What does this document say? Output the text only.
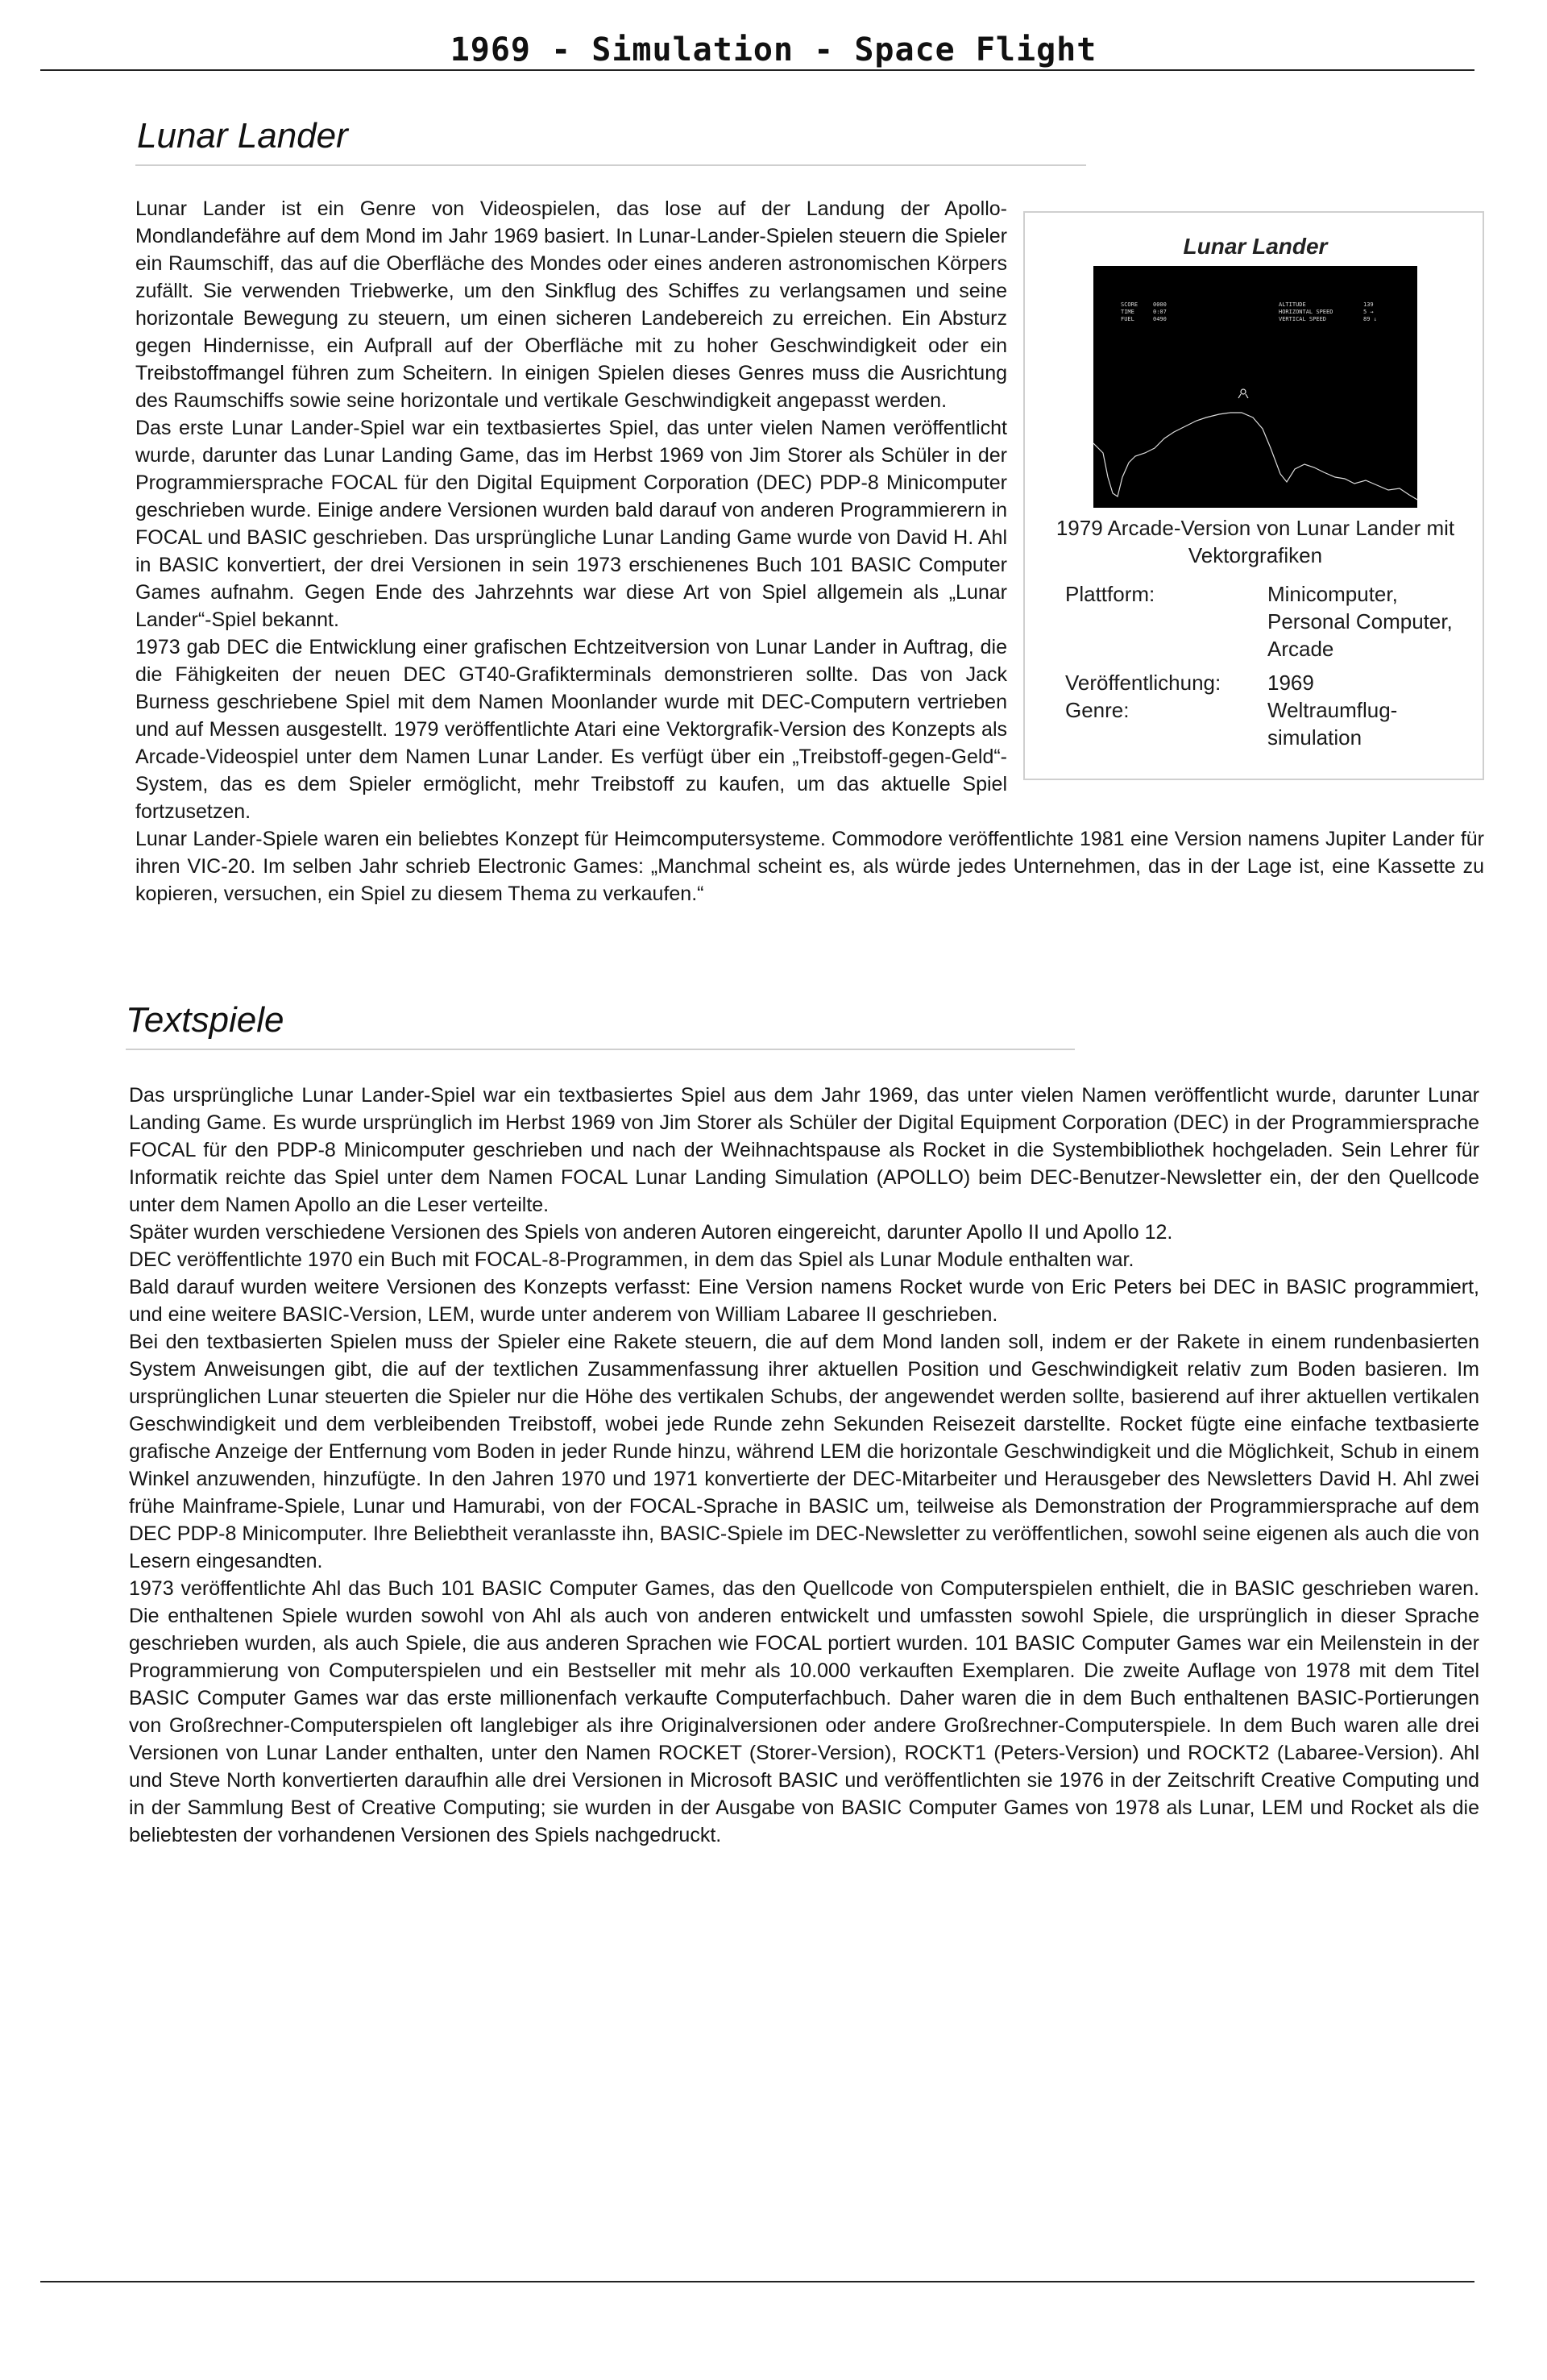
1969 - Simulation - Space Flight
Lunar Lander

Lunar Lander ist ein Genre von Videospielen, das lose auf der Landung der Apollo-Mondlandefähre auf dem Mond im Jahr 1969 basiert. In Lunar-Lander-Spielen steuern die Spieler ein Raumschiff, das auf die Oberfläche des Mondes oder eines anderen astronomischen Körpers zufällt. Sie verwenden Triebwerke, um den Sinkflug des Schiffes zu verlangsamen und seine horizontale Bewegung zu steuern, um einen sicheren Landebereich zu erreichen. Ein Absturz gegen Hindernisse, ein Aufprall auf der Oberfläche mit zu hoher Geschwindigkeit oder ein Treibstoffmangel führen zum Scheitern. In einigen Spielen dieses Genres muss die Ausrichtung des Raumschiffs sowie seine horizontale und vertikale Geschwindigkeit angepasst werden.

Das erste Lunar Lander-Spiel war ein textbasiertes Spiel, das unter vielen Namen veröffentlicht wurde, darunter das Lunar Landing Game, das im Herbst 1969 von Jim Storer als Schüler in der Programmiersprache FOCAL für den Digital Equipment Corporation (DEC) PDP-8 Minicomputer geschrieben wurde. Einige andere Versionen wurden bald darauf von anderen Programmierern in FOCAL und BASIC geschrieben. Das ursprüngliche Lunar Landing Game wurde von David H. Ahl in BASIC konvertiert, der drei Versionen in sein 1973 erschienenes Buch 101 BASIC Computer Games aufnahm. Gegen Ende des Jahrzehnts war diese Art von Spiel allgemein als „Lunar Lander“-Spiel bekannt.

1973 gab DEC die Entwicklung einer grafischen Echtzeitversion von Lunar Lander in Auftrag, die die Fähigkeiten der neuen DEC GT40-Grafikterminals demonstrieren sollte. Das von Jack Burness geschriebene Spiel mit dem Namen Moonlander wurde mit DEC-Computern vertrieben und auf Messen ausgestellt. 1979 veröffentlichte Atari eine Vektorgrafik-Version des Konzepts als Arcade-Videospiel unter dem Namen Lunar Lander. Es verfügt über ein „Treibstoff-gegen-Geld“-System, das es dem Spieler ermöglicht, mehr Treibstoff zu kaufen, um das aktuelle Spiel fortzusetzen.

Lunar Lander-Spiele waren ein beliebtes Konzept für Heimcomputersysteme. Commodore veröffentlichte 1981 eine Version namens Jupiter Lander für ihren VIC-20. Im selben Jahr schrieb Electronic Games: „Manchmal scheint es, als würde jedes Unternehmen, das in der Lage ist, eine Kassette zu kopieren, versuchen, ein Spiel zu diesem Thema zu verkaufen.“

Lunar Lander
SCORE
TIME
FUEL
0000
0:07
0490
ALTITUDE
HORIZONTAL SPEED
VERTICAL SPEED
139
5 →
89 ↓
1979 Arcade-Version von Lunar Lander mit Vektorgrafiken
Plattform:	Minicomputer, Personal Computer, Arcade
Veröffentlichung:	1969
Genre:	Weltraumflug-simulation
Textspiele

Das ursprüngliche Lunar Lander-Spiel war ein textbasiertes Spiel aus dem Jahr 1969, das unter vielen Namen veröffentlicht wurde, darunter Lunar Landing Game. Es wurde ursprünglich im Herbst 1969 von Jim Storer als Schüler der Digital Equipment Corporation (DEC) in der Programmiersprache FOCAL für den PDP-8 Minicomputer geschrieben und nach der Weihnachtspause als Rocket in die Systembibliothek hochgeladen. Sein Lehrer für Informatik reichte das Spiel unter dem Namen FOCAL Lunar Landing Simulation (APOLLO) beim DEC-Benutzer-Newsletter ein, der den Quellcode unter dem Namen Apollo an die Leser verteilte.

Später wurden verschiedene Versionen des Spiels von anderen Autoren eingereicht, darunter Apollo II und Apollo 12.

DEC veröffentlichte 1970 ein Buch mit FOCAL-8-Programmen, in dem das Spiel als Lunar Module enthalten war.

Bald darauf wurden weitere Versionen des Konzepts verfasst: Eine Version namens Rocket wurde von Eric Peters bei DEC in BASIC programmiert, und eine weitere BASIC-Version, LEM, wurde unter anderem von William Labaree II geschrieben.

Bei den textbasierten Spielen muss der Spieler eine Rakete steuern, die auf dem Mond landen soll, indem er der Rakete in einem rundenbasierten System Anweisungen gibt, die auf der textlichen Zusammenfassung ihrer aktuellen Position und Geschwindigkeit relativ zum Boden basieren. Im ursprünglichen Lunar steuerten die Spieler nur die Höhe des vertikalen Schubs, der angewendet werden sollte, basierend auf ihrer aktuellen vertikalen Geschwindigkeit und dem verbleibenden Treibstoff, wobei jede Runde zehn Sekunden Reisezeit darstellte. Rocket fügte eine einfache textbasierte grafische Anzeige der Entfernung vom Boden in jeder Runde hinzu, während LEM die horizontale Geschwindigkeit und die Möglichkeit, Schub in einem Winkel anzuwenden, hinzufügte. In den Jahren 1970 und 1971 konvertierte der DEC-Mitarbeiter und Herausgeber des Newsletters David H. Ahl zwei frühe Mainframe-Spiele, Lunar und Hamurabi, von der FOCAL-Sprache in BASIC um, teilweise als Demonstration der Programmiersprache auf dem DEC PDP-8 Minicomputer. Ihre Beliebtheit veranlasste ihn, BASIC-Spiele im DEC-Newsletter zu veröffentlichen, sowohl seine eigenen als auch die von Lesern eingesandten.

1973 veröffentlichte Ahl das Buch 101 BASIC Computer Games, das den Quellcode von Computerspielen enthielt, die in BASIC geschrieben waren. Die enthaltenen Spiele wurden sowohl von Ahl als auch von anderen entwickelt und umfassten sowohl Spiele, die ursprünglich in dieser Sprache geschrieben wurden, als auch Spiele, die aus anderen Sprachen wie FOCAL portiert wurden. 101 BASIC Computer Games war ein Meilenstein in der Programmierung von Computerspielen und ein Bestseller mit mehr als 10.000 verkauften Exemplaren. Die zweite Auflage von 1978 mit dem Titel BASIC Computer Games war das erste millionenfach verkaufte Computerfachbuch. Daher waren die in dem Buch enthaltenen BASIC-Portierungen von Großrechner-Computerspielen oft langlebiger als ihre Originalversionen oder andere Großrechner-Computerspiele. In dem Buch waren alle drei Versionen von Lunar Lander enthalten, unter den Namen ROCKET (Storer-Version), ROCKT1 (Peters-Version) und ROCKT2 (Labaree-Version). Ahl und Steve North konvertierten daraufhin alle drei Versionen in Microsoft BASIC und veröffentlichten sie 1976 in der Zeitschrift Creative Computing und in der Sammlung Best of Creative Computing; sie wurden in der Ausgabe von BASIC Computer Games von 1978 als Lunar, LEM und Rocket als die beliebtesten der vorhandenen Versionen des Spiels nachgedruckt.
